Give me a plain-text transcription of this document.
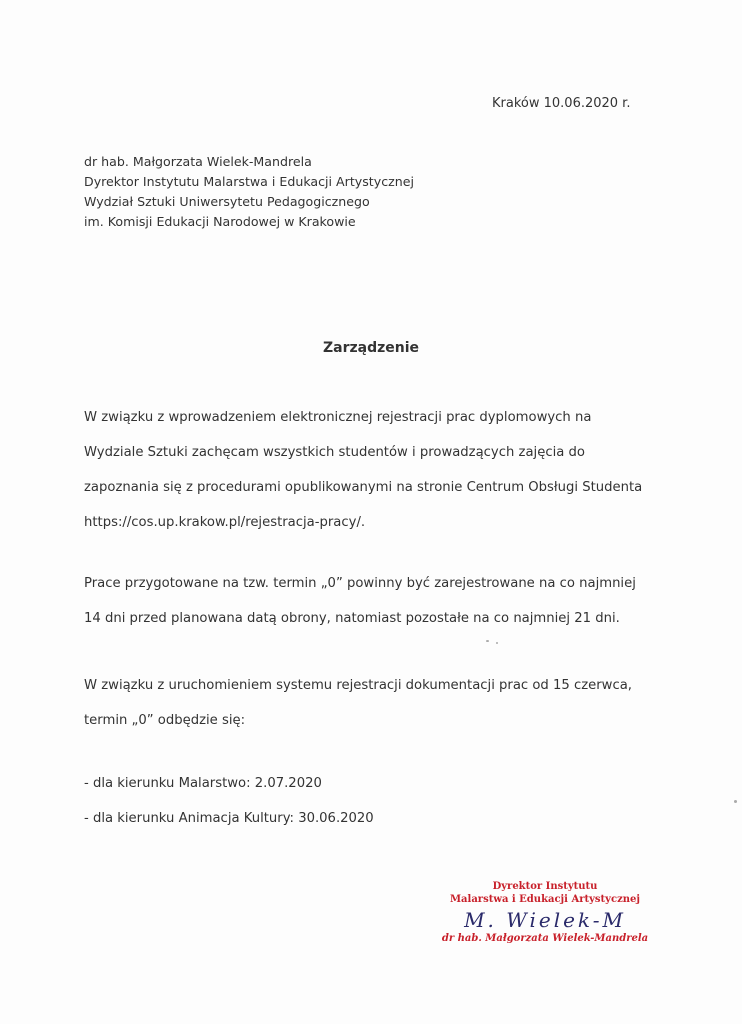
Kraków 10.06.2020 r.
dr hab. Małgorzata Wielek-Mandrela
Dyrektor Instytutu Malarstwa i Edukacji Artystycznej
Wydział Sztuki Uniwersytetu Pedagogicznego
im. Komisji Edukacji Narodowej w Krakowie
Zarządzenie
W związku z wprowadzeniem elektronicznej rejestracji prac dyplomowych na
Wydziale Sztuki zachęcam wszystkich studentów i prowadzących zajęcia do
zapoznania się z procedurami opublikowanymi na stronie Centrum Obsługi Studenta
https://cos.up.krakow.pl/rejestracja-pracy/.
Prace przygotowane na tzw. termin „0” powinny być zarejestrowane na co najmniej
14 dni przed planowana datą obrony, natomiast pozostałe na co najmniej 21 dni.
W związku z uruchomieniem systemu rejestracji dokumentacji prac od 15 czerwca,
termin „0” odbędzie się:
- dla kierunku Malarstwo: 2.07.2020
- dla kierunku Animacja Kultury: 30.06.2020
Dyrektor Instytutu
Malarstwa i Edukacji Artystycznej
M. Wielek-M
dr hab. Małgorzata Wielek-Mandrela
